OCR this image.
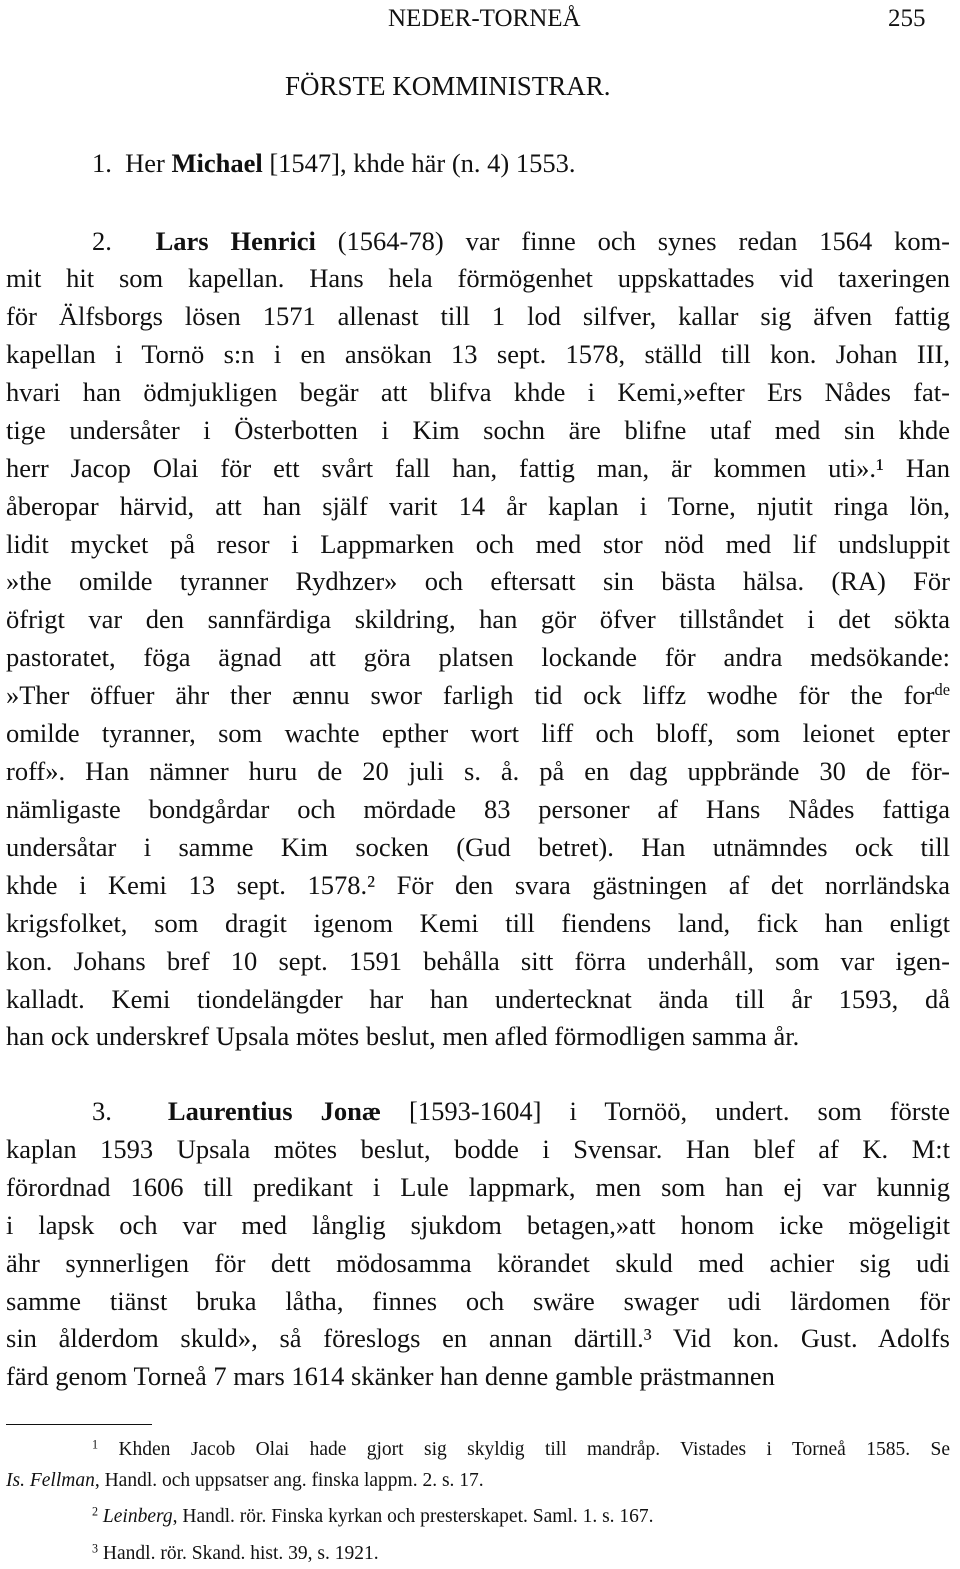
NEDER-TORNEÅ	255
FÖRSTE KOMMINISTRAR.
1. Her Michael [1547], khde här (n. 4) 1553.
2. Lars Henrici (1564-78) var finne och synes redan 1564 kom-
mit hit som kapellan. Hans hela förmögenhet uppskattades vid taxeringen
för Älfsborgs lösen 1571 allenast till 1 lod silfver, kallar sig äfven fattig
kapellan i Tornö s:n i en ansökan 13 sept. 1578, ställd till kon. Johan III,
hvari han ödmjukligen begär att blifva khde i Kemi,»efter Ers Nådes fat-
tige undersåter i Österbotten i Kim sochn äre blifne utaf med sin khde
herr Jacop Olai för ett svårt fall han, fattig man, är kommen uti».¹ Han
åberopar härvid, att han själf varit 14 år kaplan i Torne, njutit ringa lön,
lidit mycket på resor i Lappmarken och med stor nöd med lif undsluppit
»the omilde tyranner Rydhzer» och eftersatt sin bästa hälsa. (RA) För
öfrigt var den sannfärdiga skildring, han gör öfver tillståndet i det sökta
pastoratet, föga ägnad att göra platsen lockande för andra medsökande:
»Ther öffuer ähr ther ænnu swor farligh tid ock liffz wodhe för the for$^{de}$
omilde tyranner, som wachte epther wort liff och bloff, som leionet epter
roff». Han nämner huru de 20 juli s. å. på en dag uppbrände 30 de för-
nämligaste bondgårdar och mördade 83 personer af Hans Nådes fattiga
undersåtar i samme Kim socken (Gud betret). Han utnämndes ock till
khde i Kemi 13 sept. 1578.² För den svara gästningen af det norrländska
krigsfolket, som dragit igenom Kemi till fiendens land, fick han enligt
kon. Johans bref 10 sept. 1591 behålla sitt förra underhåll, som var igen-
kalladt. Kemi tiondelängder har han undertecknat ända till år 1593, då
han ock underskref Upsala mötes beslut, men afled förmodligen samma år.
3. Laurentius Jonæ [1593-1604] i Tornöö, undert. som förste
kaplan 1593 Upsala mötes beslut, bodde i Svensar. Han blef af K. M:t
förordnad 1606 till predikant i Lule lappmark, men som han ej var kunnig
i lapsk och var med långlig sjukdom betagen,»att honom icke mögeligit
ähr synnerligen för dett mödosamma körandet skuld med achier sig udi
samme tiänst bruka låtha, finnes och swäre swager udi lärdomen för
sin ålderdom skuld», så föreslogs en annan därtill.³ Vid kon. Gust. Adolfs
färd genom Torneå 7 mars 1614 skänker han denne gamble prästmannen
$^1$ Khden Jacob Olai hade gjort sig skyldig till mandråp. Vistades i Torneå 1585. Se
Is. Fellman, Handl. och uppsatser ang. finska lappm. 2. s. 17.
$^2$ Leinberg, Handl. rör. Finska kyrkan och presterskapet. Saml. 1. s. 167.
$^3$ Handl. rör. Skand. hist. 39, s. 1921.
